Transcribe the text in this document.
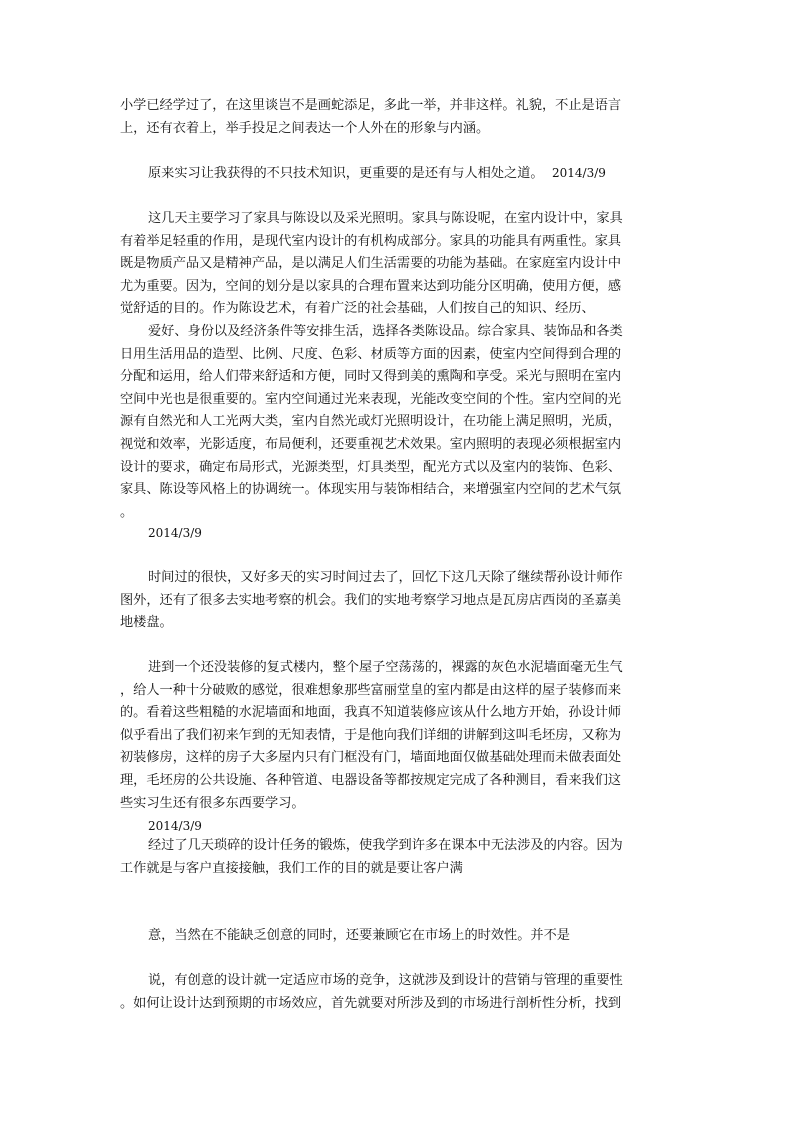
小学已经学过了，在这里谈岂不是画蛇添足，多此一举，并非这样。礼貌，不止是语言
上，还有衣着上，举手投足之间表达一个人外在的形象与内涵。
原来实习让我获得的不只技术知识，更重要的是还有与人相处之道。 2014/3/9
这几天主要学习了家具与陈设以及采光照明。家具与陈设呢，在室内设计中，家具
有着举足轻重的作用，是现代室内设计的有机构成部分。家具的功能具有两重性。家具
既是物质产品又是精神产品，是以满足人们生活需要的功能为基础。在家庭室内设计中
尤为重要。因为，空间的划分是以家具的合理布置来达到功能分区明确，使用方便，感
觉舒适的目的。作为陈设艺术，有着广泛的社会基础，人们按自己的知识、经历、
爱好、身份以及经济条件等安排生活，选择各类陈设品。综合家具、装饰品和各类
日用生活用品的造型、比例、尺度、色彩、材质等方面的因素，使室内空间得到合理的
分配和运用，给人们带来舒适和方便，同时又得到美的熏陶和享受。采光与照明在室内
空间中光也是很重要的。室内空间通过光来表现，光能改变空间的个性。室内空间的光
源有自然光和人工光两大类，室内自然光或灯光照明设计，在功能上满足照明，光质，
视觉和效率，光影适度，布局便利，还要重视艺术效果。室内照明的表现必须根据室内
设计的要求，确定布局形式，光源类型，灯具类型，配光方式以及室内的装饰、色彩、
家具、陈设等风格上的协调统一。体现实用与装饰相结合，来增强室内空间的艺术气氛
。
2014/3/9
时间过的很快，又好多天的实习时间过去了，回忆下这几天除了继续帮孙设计师作
图外，还有了很多去实地考察的机会。我们的实地考察学习地点是瓦房店西岗的圣嘉美
地楼盘。
进到一个还没装修的复式楼内，整个屋子空荡荡的，裸露的灰色水泥墙面毫无生气
，给人一种十分破败的感觉，很难想象那些富丽堂皇的室内都是由这样的屋子装修而来
的。看着这些粗糙的水泥墙面和地面，我真不知道装修应该从什么地方开始，孙设计师
似乎看出了我们初来乍到的无知表情，于是他向我们详细的讲解到这叫毛坯房，又称为
初装修房，这样的房子大多屋内只有门框没有门，墙面地面仅做基础处理而未做表面处
理，毛坯房的公共设施、各种管道、电器设备等都按规定完成了各种测目，看来我们这
些实习生还有很多东西要学习。
2014/3/9
经过了几天琐碎的设计任务的锻炼，使我学到许多在课本中无法涉及的内容。因为
工作就是与客户直接接触，我们工作的目的就是要让客户满
意，当然在不能缺乏创意的同时，还要兼顾它在市场上的时效性。并不是
说，有创意的设计就一定适应市场的竞争，这就涉及到设计的营销与管理的重要性
。如何让设计达到预期的市场效应，首先就要对所涉及到的市场进行剖析性分析，找到
